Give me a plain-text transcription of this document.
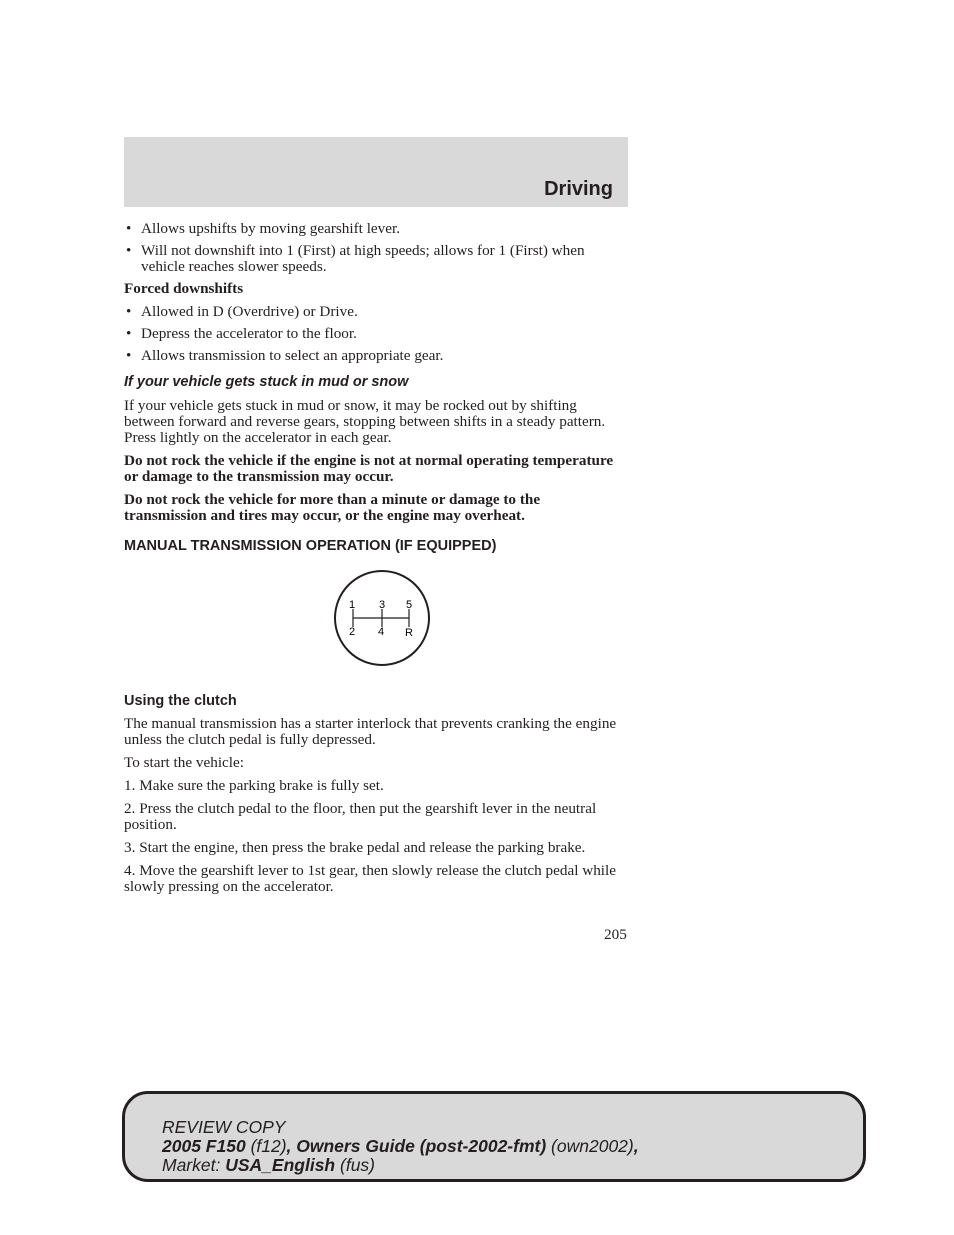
Driving
• Allows upshifts by moving gearshift lever.
• Will not downshift into 1 (First) at high speeds; allows for 1 (First) when vehicle reaches slower speeds.
Forced downshifts
• Allowed in D (Overdrive) or Drive.
• Depress the accelerator to the floor.
• Allows transmission to select an appropriate gear.
If your vehicle gets stuck in mud or snow
If your vehicle gets stuck in mud or snow, it may be rocked out by shifting between forward and reverse gears, stopping between shifts in a steady pattern. Press lightly on the accelerator in each gear.
Do not rock the vehicle if the engine is not at normal operating temperature or damage to the transmission may occur.
Do not rock the vehicle for more than a minute or damage to the transmission and tires may occur, or the engine may overheat.
MANUAL TRANSMISSION OPERATION (IF EQUIPPED)
1 3 5
2 4 R
Using the clutch
The manual transmission has a starter interlock that prevents cranking the engine unless the clutch pedal is fully depressed.
To start the vehicle:
1. Make sure the parking brake is fully set.
2. Press the clutch pedal to the floor, then put the gearshift lever in the neutral position.
3. Start the engine, then press the brake pedal and release the parking brake.
4. Move the gearshift lever to 1st gear, then slowly release the clutch pedal while slowly pressing on the accelerator.
205
REVIEW COPY
2005 F150 (f12), Owners Guide (post-2002-fmt) (own2002),
Market: USA_English (fus)
